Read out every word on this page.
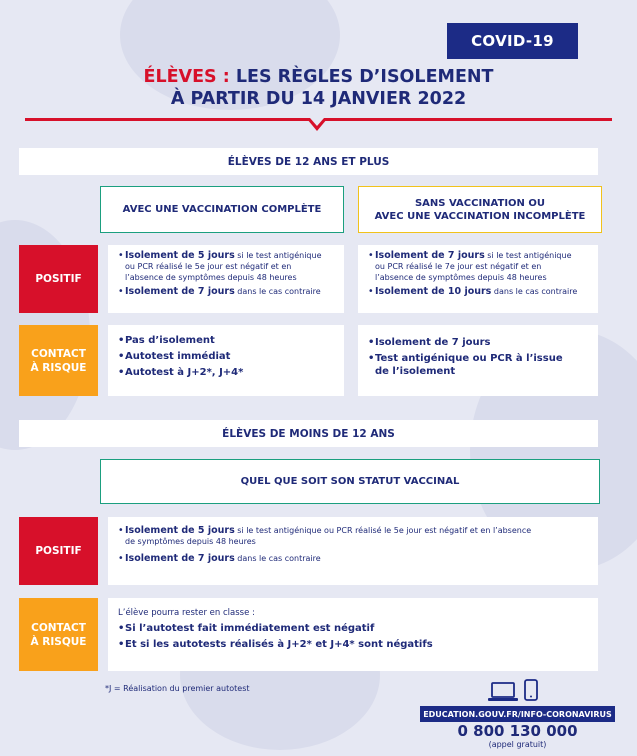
COVID-19
ÉLÈVES : LES RÈGLES D’ISOLEMENT
À PARTIR DU 14 JANVIER 2022
ÉLÈVES DE 12 ANS ET PLUS
AVEC UNE VACCINATION COMPLÈTE
SANS VACCINATION OU
AVEC UNE VACCINATION INCOMPLÈTE
POSITIF
• Isolement de 5 jours si le test antigénique
ou PCR réalisé le 5e jour est négatif et en
l’absence de symptômes depuis 48 heures
• Isolement de 7 jours dans le cas contraire
• Isolement de 7 jours si le test antigénique
ou PCR réalisé le 7e jour est négatif et en
l’absence de symptômes depuis 48 heures
• Isolement de 10 jours dans le cas contraire
CONTACT
À RISQUE
• Pas d’isolement
• Autotest immédiat
• Autotest à J+2*, J+4*
• Isolement de 7 jours
• Test antigénique ou PCR à l’issue
de l’isolement
ÉLÈVES DE MOINS DE 12 ANS
QUEL QUE SOIT SON STATUT VACCINAL
POSITIF
• Isolement de 5 jours si le test antigénique ou PCR réalisé le 5e jour est négatif et en l’absence
de symptômes depuis 48 heures
• Isolement de 7 jours dans le cas contraire
CONTACT
À RISQUE
L’élève pourra rester en classe :
• Si l’autotest fait immédiatement est négatif
• Et si les autotests réalisés à J+2* et J+4* sont négatifs
*J = Réalisation du premier autotest
EDUCATION.GOUV.FR/INFO-CORONAVIRUS
0 800 130 000
(appel gratuit)
